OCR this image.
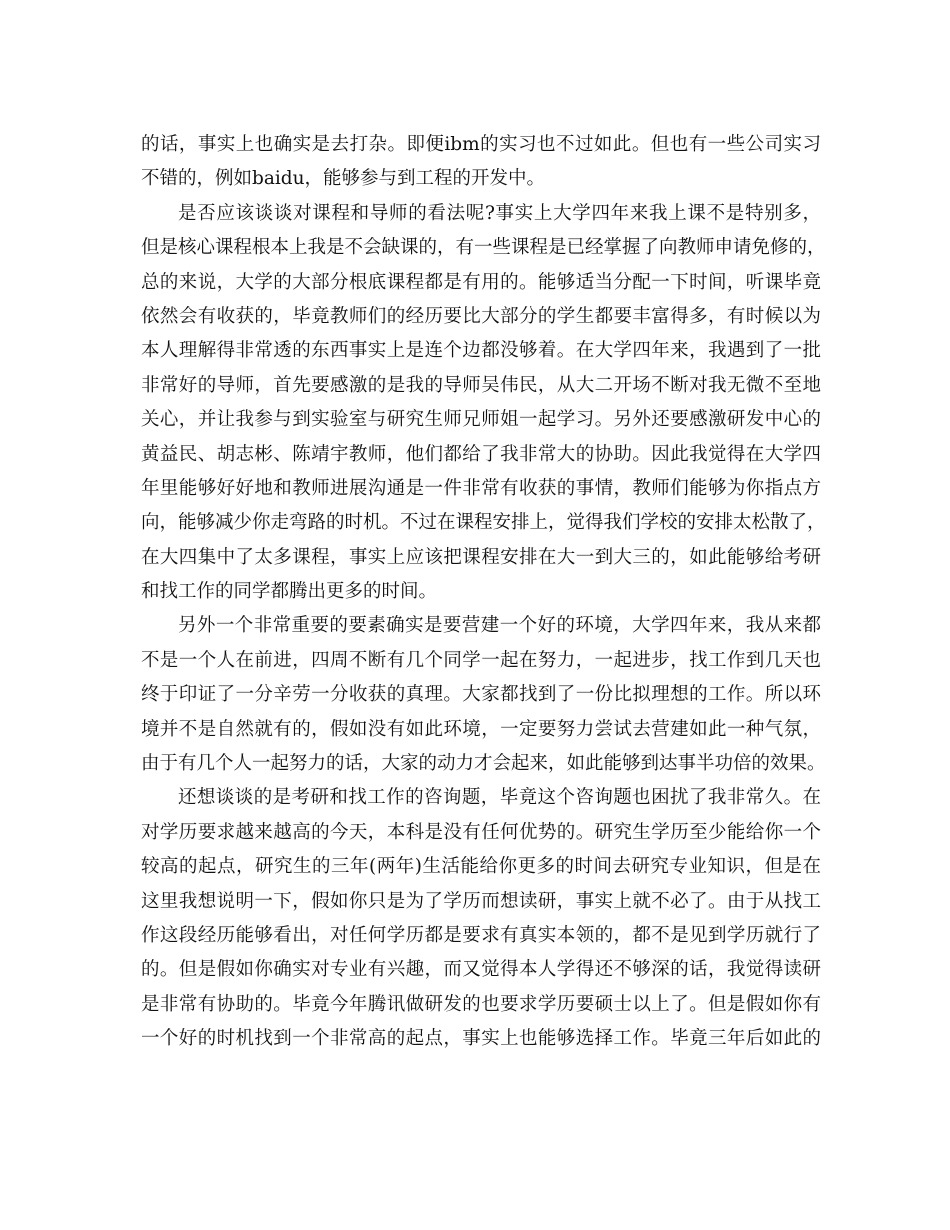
的话，事实上也确实是去打杂。即便ibm的实习也不过如此。但也有一些公司实习
不错的，例如baidu，能够参与到工程的开发中。
是否应该谈谈对课程和导师的看法呢?事实上大学四年来我上课不是特别多，
但是核心课程根本上我是不会缺课的，有一些课程是已经掌握了向教师申请免修的，
总的来说，大学的大部分根底课程都是有用的。能够适当分配一下时间，听课毕竟
依然会有收获的，毕竟教师们的经历要比大部分的学生都要丰富得多，有时候以为
本人理解得非常透的东西事实上是连个边都没够着。在大学四年来，我遇到了一批
非常好的导师，首先要感激的是我的导师吴伟民，从大二开场不断对我无微不至地
关心，并让我参与到实验室与研究生师兄师姐一起学习。另外还要感激研发中心的
黄益民、胡志彬、陈靖宇教师，他们都给了我非常大的协助。因此我觉得在大学四
年里能够好好地和教师进展沟通是一件非常有收获的事情，教师们能够为你指点方
向，能够减少你走弯路的时机。不过在课程安排上，觉得我们学校的安排太松散了，
在大四集中了太多课程，事实上应该把课程安排在大一到大三的，如此能够给考研
和找工作的同学都腾出更多的时间。
另外一个非常重要的要素确实是要营建一个好的环境，大学四年来，我从来都
不是一个人在前进，四周不断有几个同学一起在努力，一起进步，找工作到几天也
终于印证了一分辛劳一分收获的真理。大家都找到了一份比拟理想的工作。所以环
境并不是自然就有的，假如没有如此环境，一定要努力尝试去营建如此一种气氛，
由于有几个人一起努力的话，大家的动力才会起来，如此能够到达事半功倍的效果。
还想谈谈的是考研和找工作的咨询题，毕竟这个咨询题也困扰了我非常久。在
对学历要求越来越高的今天，本科是没有任何优势的。研究生学历至少能给你一个
较高的起点，研究生的三年(两年)生活能给你更多的时间去研究专业知识，但是在
这里我想说明一下，假如你只是为了学历而想读研，事实上就不必了。由于从找工
作这段经历能够看出，对任何学历都是要求有真实本领的，都不是见到学历就行了
的。但是假如你确实对专业有兴趣，而又觉得本人学得还不够深的话，我觉得读研
是非常有协助的。毕竟今年腾讯做研发的也要求学历要硕士以上了。但是假如你有
一个好的时机找到一个非常高的起点，事实上也能够选择工作。毕竟三年后如此的
